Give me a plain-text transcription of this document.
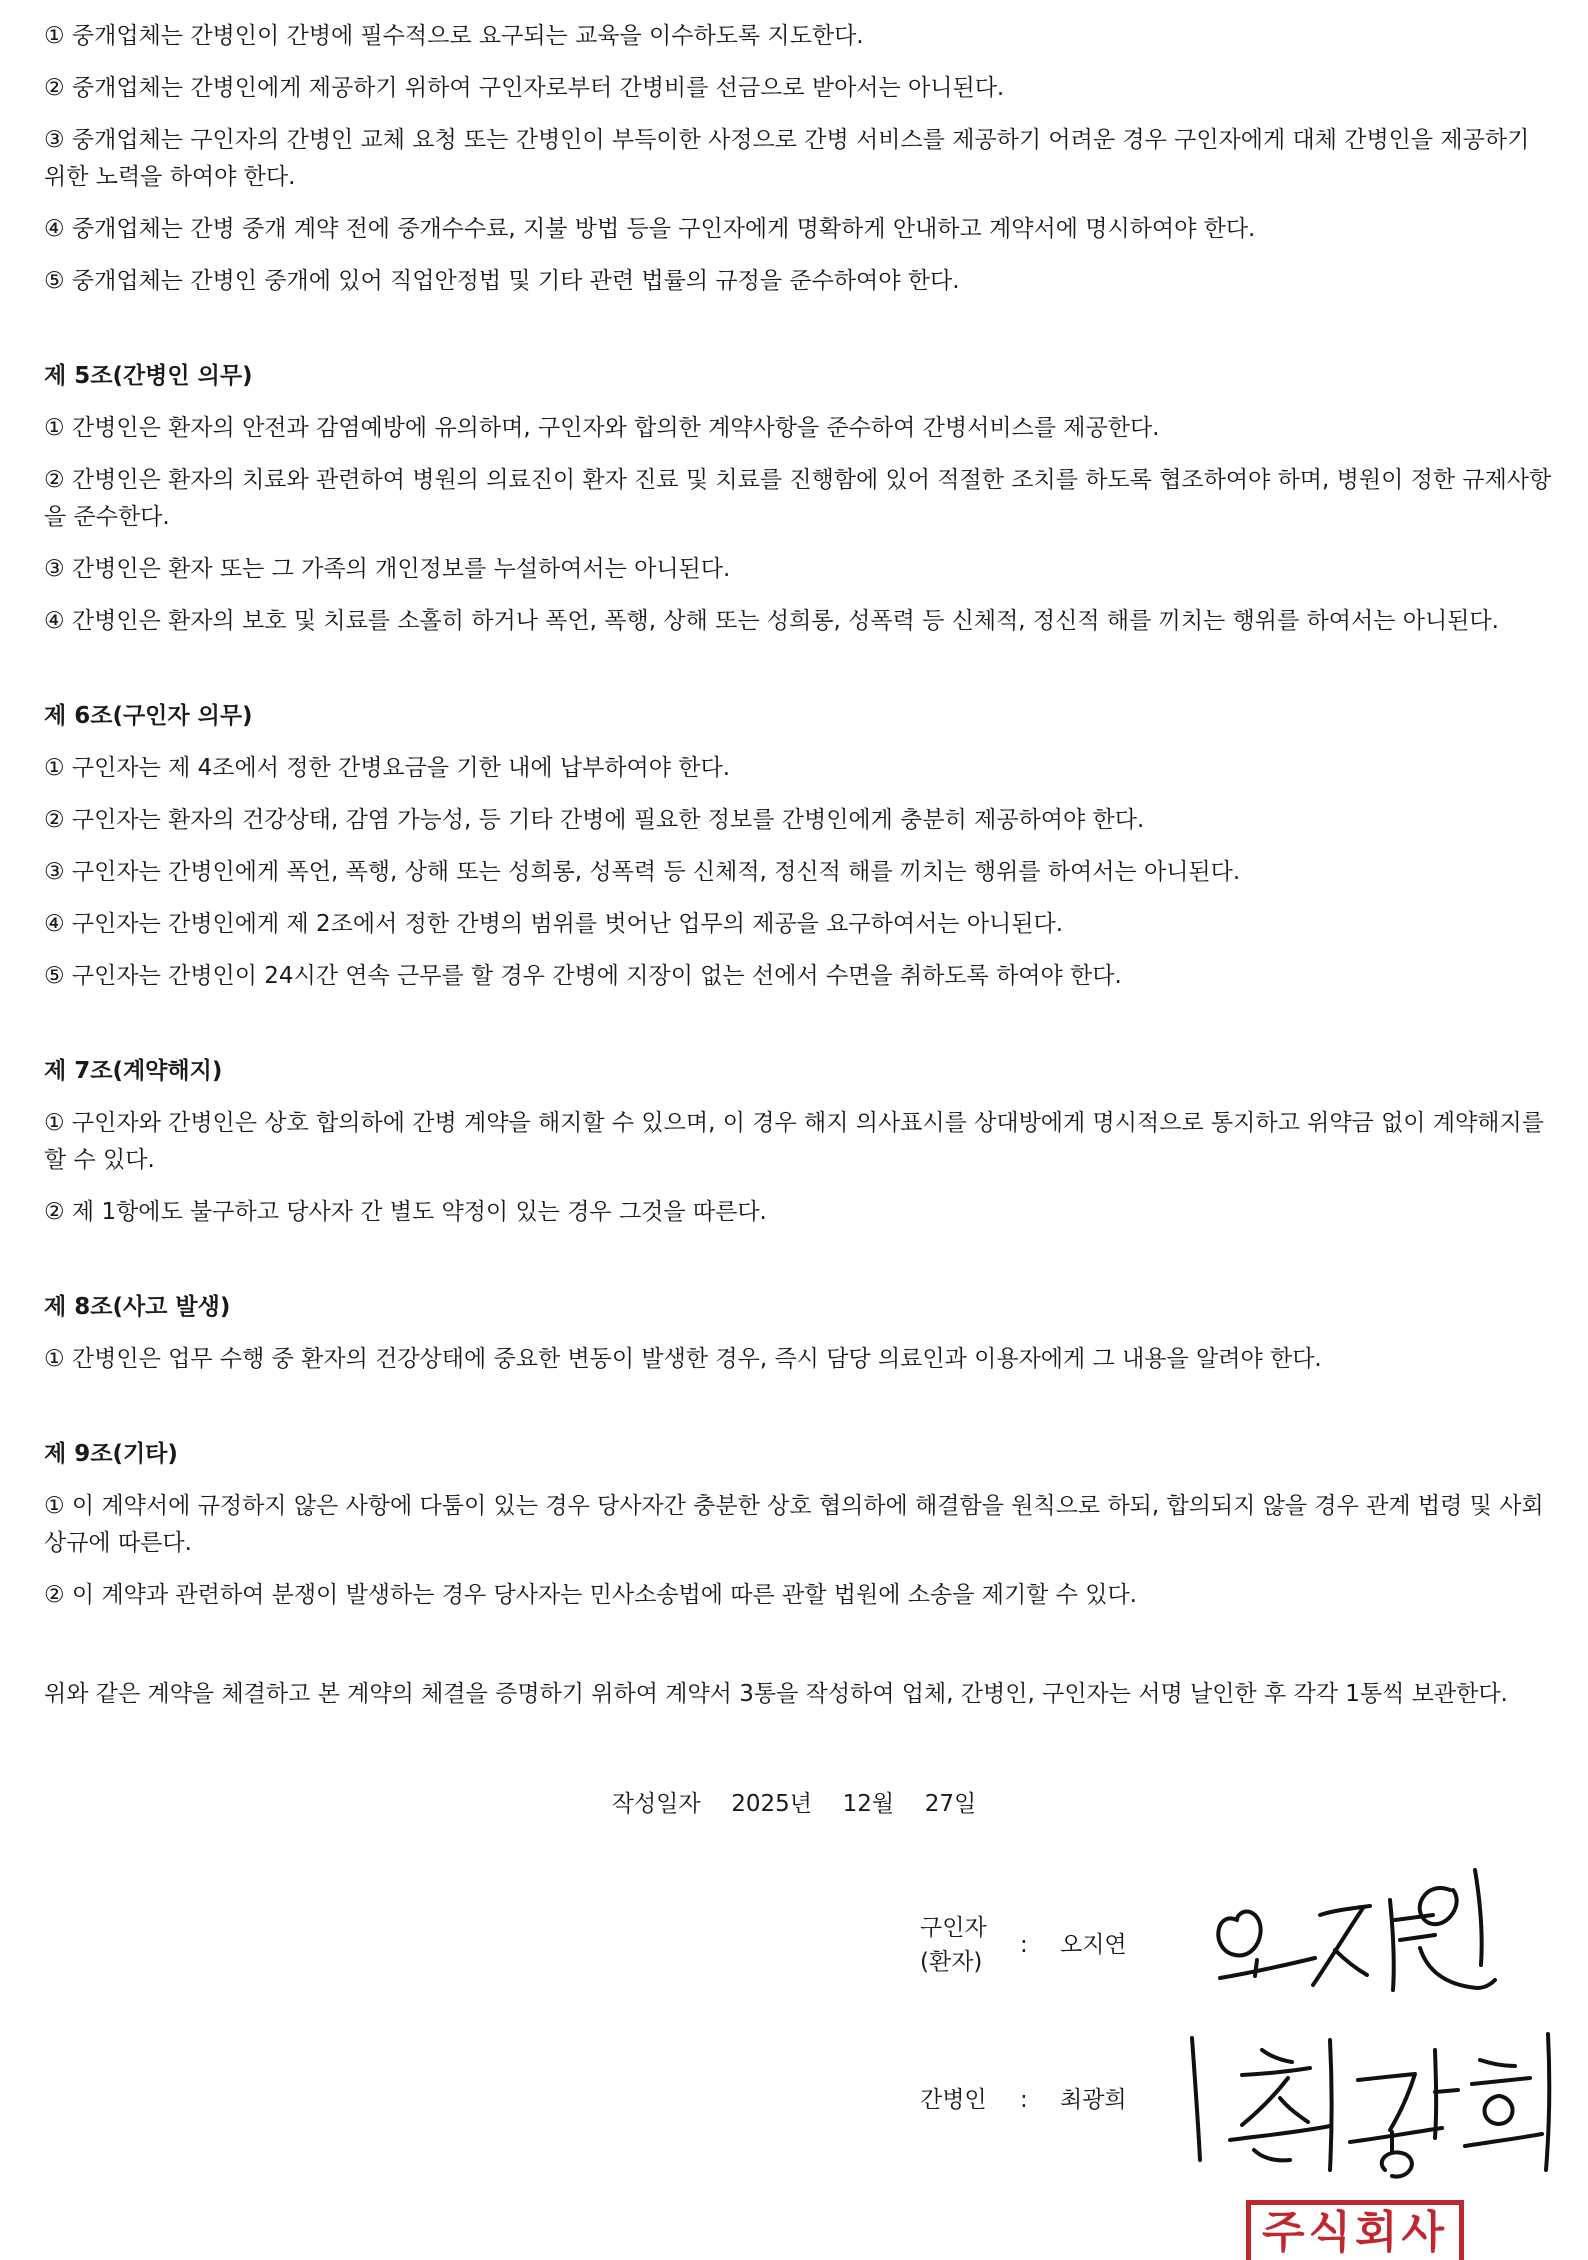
① 중개업체는 간병인이 간병에 필수적으로 요구되는 교육을 이수하도록 지도한다.
② 중개업체는 간병인에게 제공하기 위하여 구인자로부터 간병비를 선금으로 받아서는 아니된다.
③ 중개업체는 구인자의 간병인 교체 요청 또는 간병인이 부득이한 사정으로 간병 서비스를 제공하기 어려운 경우 구인자에게 대체 간병인을 제공하기 위한 노력을 하여야 한다.
④ 중개업체는 간병 중개 계약 전에 중개수수료, 지불 방법 등을 구인자에게 명확하게 안내하고 계약서에 명시하여야 한다.
⑤ 중개업체는 간병인 중개에 있어 직업안정법 및 기타 관련 법률의 규정을 준수하여야 한다.
제 5조(간병인 의무)
① 간병인은 환자의 안전과 감염예방에 유의하며, 구인자와 합의한 계약사항을 준수하여 간병서비스를 제공한다.
② 간병인은 환자의 치료와 관련하여 병원의 의료진이 환자 진료 및 치료를 진행함에 있어 적절한 조치를 하도록 협조하여야 하며, 병원이 정한 규제사항을 준수한다.
③ 간병인은 환자 또는 그 가족의 개인정보를 누설하여서는 아니된다.
④ 간병인은 환자의 보호 및 치료를 소홀히 하거나 폭언, 폭행, 상해 또는 성희롱, 성폭력 등 신체적, 정신적 해를 끼치는 행위를 하여서는 아니된다.
제 6조(구인자 의무)
① 구인자는 제 4조에서 정한 간병요금을 기한 내에 납부하여야 한다.
② 구인자는 환자의 건강상태, 감염 가능성, 등 기타 간병에 필요한 정보를 간병인에게 충분히 제공하여야 한다.
③ 구인자는 간병인에게 폭언, 폭행, 상해 또는 성희롱, 성폭력 등 신체적, 정신적 해를 끼치는 행위를 하여서는 아니된다.
④ 구인자는 간병인에게 제 2조에서 정한 간병의 범위를 벗어난 업무의 제공을 요구하여서는 아니된다.
⑤ 구인자는 간병인이 24시간 연속 근무를 할 경우 간병에 지장이 없는 선에서 수면을 취하도록 하여야 한다.
제 7조(계약해지)
① 구인자와 간병인은 상호 합의하에 간병 계약을 해지할 수 있으며, 이 경우 해지 의사표시를 상대방에게 명시적으로 통지하고 위약금 없이 계약해지를 할 수 있다.
② 제 1항에도 불구하고 당사자 간 별도 약정이 있는 경우 그것을 따른다.
제 8조(사고 발생)
① 간병인은 업무 수행 중 환자의 건강상태에 중요한 변동이 발생한 경우, 즉시 담당 의료인과 이용자에게 그 내용을 알려야 한다.
제 9조(기타)
① 이 계약서에 규정하지 않은 사항에 다툼이 있는 경우 당사자간 충분한 상호 협의하에 해결함을 원칙으로 하되, 합의되지 않을 경우 관계 법령 및 사회상규에 따른다.
② 이 계약과 관련하여 분쟁이 발생하는 경우 당사자는 민사소송법에 따른 관할 법원에 소송을 제기할 수 있다.
위와 같은 계약을 체결하고 본 계약의 체결을 증명하기 위하여 계약서 3통을 작성하여 업체, 간병인, 구인자는 서명 날인한 후 각각 1통씩 보관한다.
작성일자 2025년 12월 27일
구인자
(환자)
: 오지연
간병인 : 최광희
주식회사
